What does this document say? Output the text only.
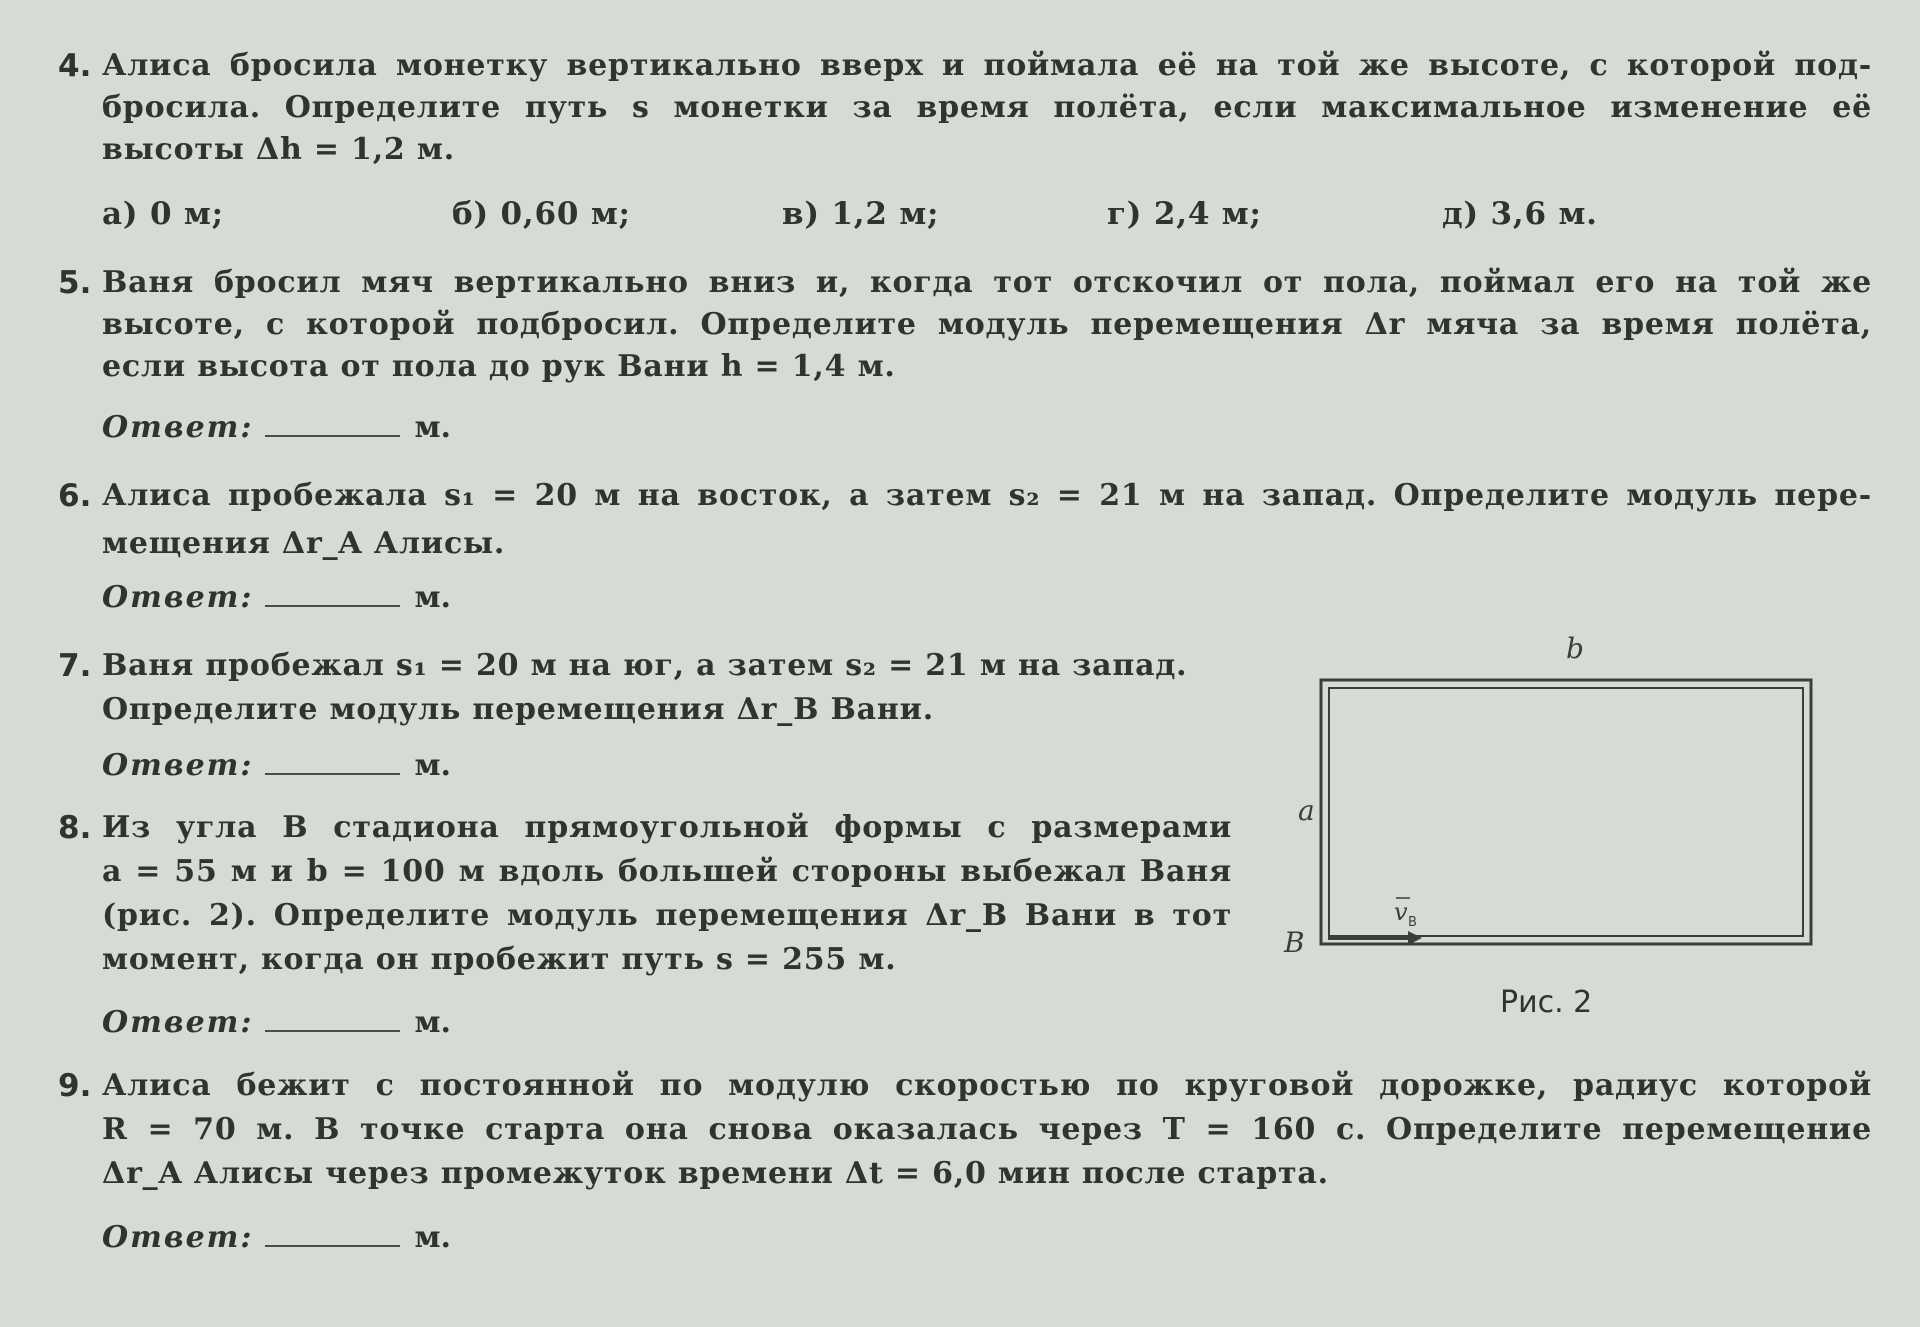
4. Алиса бросила монетку вертикально вверх и поймала её на той же высоте, с которой под-
бросила. Определите путь s монетки за время полёта, если максимальное изменение её
высоты Δh = 1,2 м.
а) 0 м;	б) 0,60 м;	в) 1,2 м;	г) 2,4 м;	д) 3,6 м.
5. Ваня бросил мяч вертикально вниз и, когда тот отскочил от пола, поймал его на той же
высоте, с которой подбросил. Определите модуль перемещения Δr мяча за время полёта,
если высота от пола до рук Вани h = 1,4 м.
Ответ:	м.
6. Алиса пробежала s₁ = 20 м на восток, а затем s₂ = 21 м на запад. Определите модуль пере-
мещения Δr_A Алисы.
Ответ:	м.
7. Ваня пробежал s₁ = 20 м на юг, а затем s₂ = 21 м на запад.
Определите модуль перемещения Δr_В Вани.
Ответ:	м.
8. Из угла B стадиона прямоугольной формы с размерами
a = 55 м и b = 100 м вдоль большей стороны выбежал Ваня
(рис. 2). Определите модуль перемещения Δr_В Вани в тот
момент, когда он пробежит путь s = 255 м.
Ответ:	м.
9. Алиса бежит с постоянной по модулю скоростью по круговой дорожке, радиус которой
R = 70 м. В точке старта она снова оказалась через T = 160 с. Определите перемещение
Δr_A Алисы через промежуток времени Δt = 6,0 мин после старта.
Ответ:	м.
b
a
B
v В
Рис. 2
